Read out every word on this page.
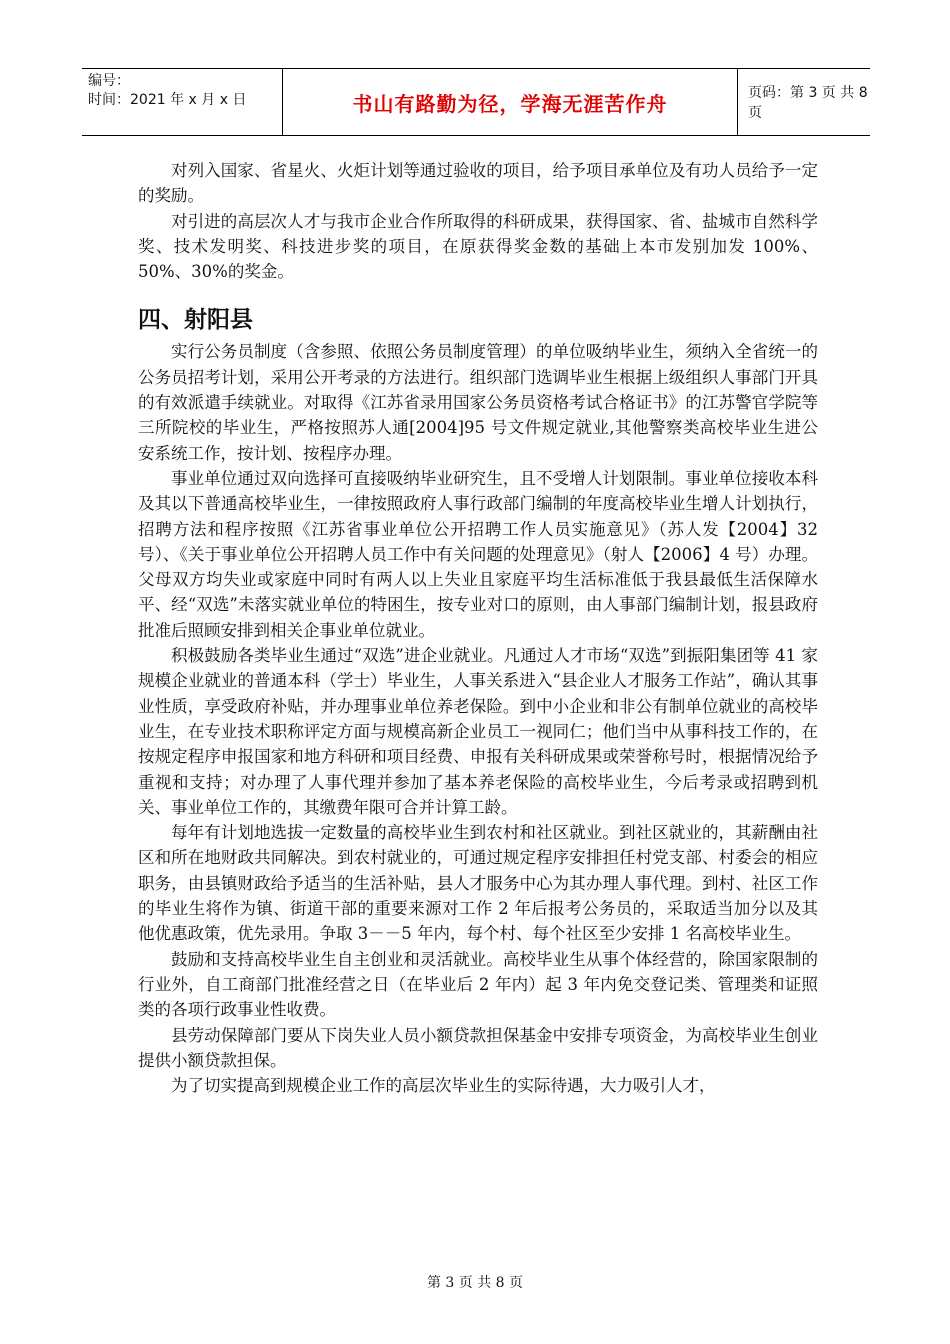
编号：
时间：2021 年 x 月 x 日	书山有路勤为径，学海无涯苦作舟	页码：第 3 页 共 8 页

对列入国家、省星火、火炬计划等通过验收的项目，给予项目承单位及有功人员给予一定的奖励。

对引进的高层次人才与我市企业合作所取得的科研成果，获得国家、省、盐城市自然科学奖、技术发明奖、科技进步奖的项目，在原获得奖金数的基础上本市发别加发 100%、50%、30%的奖金。

四、射阳县

实行公务员制度（含参照、依照公务员制度管理）的单位吸纳毕业生，须纳入全省统一的公务员招考计划，采用公开考录的方法进行。组织部门选调毕业生根据上级组织人事部门开具的有效派遣手续就业。对取得《江苏省录用国家公务员资格考试合格证书》的江苏警官学院等三所院校的毕业生，严格按照苏人通[2004]95 号文件规定就业,其他警察类高校毕业生进公安系统工作，按计划、按程序办理。

事业单位通过双向选择可直接吸纳毕业研究生，且不受增人计划限制。事业单位接收本科及其以下普通高校毕业生，一律按照政府人事行政部门编制的年度高校毕业生增人计划执行，招聘方法和程序按照《江苏省事业单位公开招聘工作人员实施意见》（苏人发【2004】32 号）、《关于事业单位公开招聘人员工作中有关问题的处理意见》（射人【2006】4 号）办理。父母双方均失业或家庭中同时有两人以上失业且家庭平均生活标准低于我县最低生活保障水平、经“双选”未落实就业单位的特困生，按专业对口的原则，由人事部门编制计划，报县政府批准后照顾安排到相关企事业单位就业。

积极鼓励各类毕业生通过“双选”进企业就业。凡通过人才市场“双选”到振阳集团等 41 家规模企业就业的普通本科（学士）毕业生，人事关系进入“县企业人才服务工作站”，确认其事业性质，享受政府补贴，并办理事业单位养老保险。到中小企业和非公有制单位就业的高校毕业生，在专业技术职称评定方面与规模高新企业员工一视同仁；他们当中从事科技工作的，在按规定程序申报国家和地方科研和项目经费、申报有关科研成果或荣誉称号时，根据情况给予重视和支持；对办理了人事代理并参加了基本养老保险的高校毕业生，今后考录或招聘到机关、事业单位工作的，其缴费年限可合并计算工龄。

每年有计划地选拔一定数量的高校毕业生到农村和社区就业。到社区就业的，其薪酬由社区和所在地财政共同解决。到农村就业的，可通过规定程序安排担任村党支部、村委会的相应职务，由县镇财政给予适当的生活补贴，县人才服务中心为其办理人事代理。到村、社区工作的毕业生将作为镇、街道干部的重要来源对工作 2 年后报考公务员的，采取适当加分以及其他优惠政策，优先录用。争取 3－－5 年内，每个村、每个社区至少安排 1 名高校毕业生。

鼓励和支持高校毕业生自主创业和灵活就业。高校毕业生从事个体经营的，除国家限制的行业外，自工商部门批准经营之日（在毕业后 2 年内）起 3 年内免交登记类、管理类和证照类的各项行政事业性收费。

县劳动保障部门要从下岗失业人员小额贷款担保基金中安排专项资金，为高校毕业生创业提供小额贷款担保。

为了切实提高到规模企业工作的高层次毕业生的实际待遇，大力吸引人才，

第 3 页 共 8 页
